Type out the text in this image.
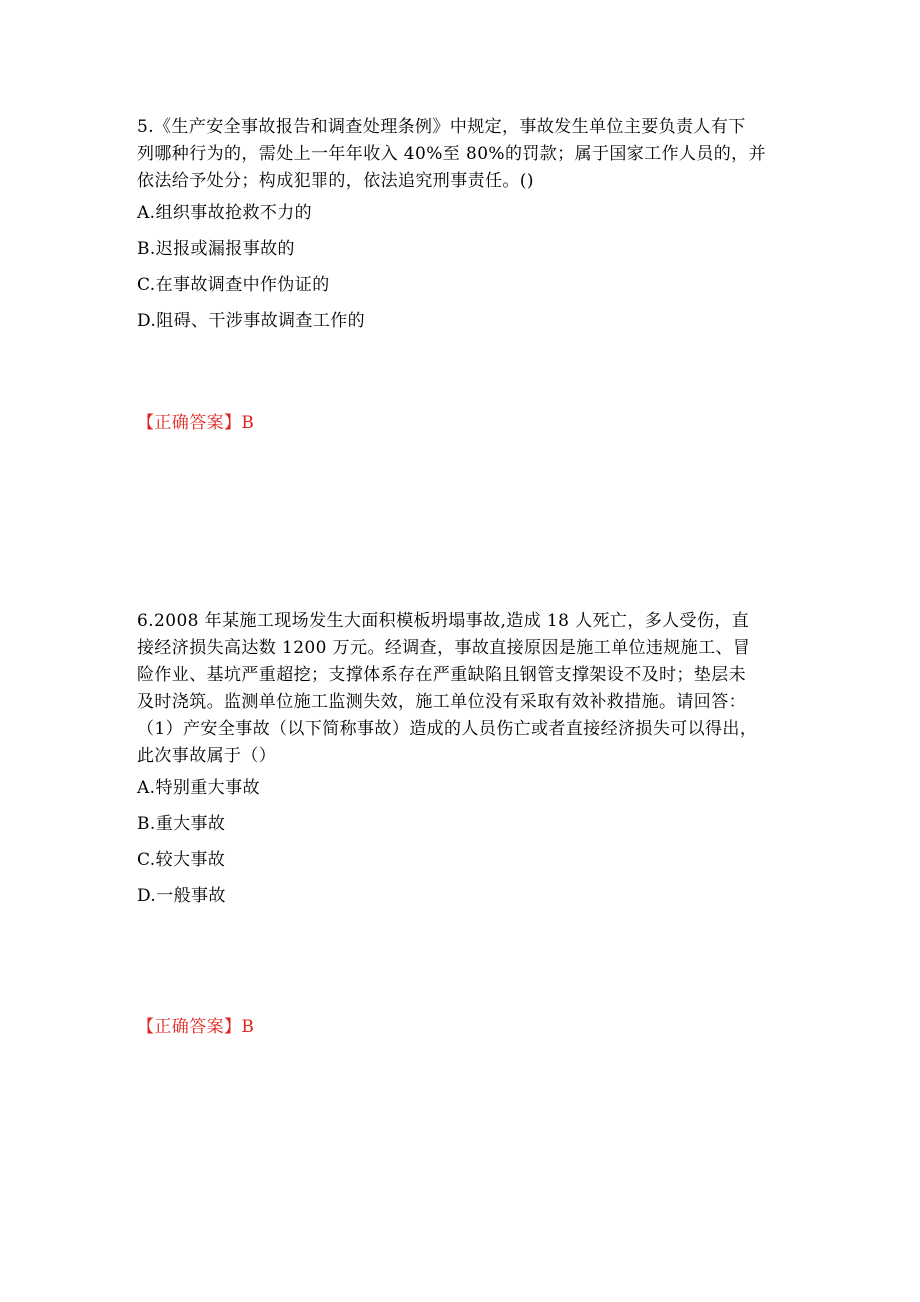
5.《生产安全事故报告和调查处理条例》中规定，事故发生单位主要负责人有下
列哪种行为的，需处上一年年收入 40%至 80%的罚款；属于国家工作人员的，并
依法给予处分；构成犯罪的，依法追究刑事责任。()

A.组织事故抢救不力的
B.迟报或漏报事故的
C.在事故调查中作伪证的
D.阻碍、干涉事故调查工作的
【正确答案】B

6.2008 年某施工现场发生大面积模板坍塌事故,造成 18 人死亡，多人受伤，直
接经济损失高达数 1200 万元。经调查，事故直接原因是施工单位违规施工、冒
险作业、基坑严重超挖；支撑体系存在严重缺陷且钢管支撑架设不及时；垫层未
及时浇筑。监测单位施工监测失效，施工单位没有采取有效补救措施。请回答：
（1）产安全事故（以下简称事故）造成的人员伤亡或者直接经济损失可以得出，
此次事故属于（）

A.特别重大事故
B.重大事故
C.较大事故
D.一般事故
【正确答案】B
